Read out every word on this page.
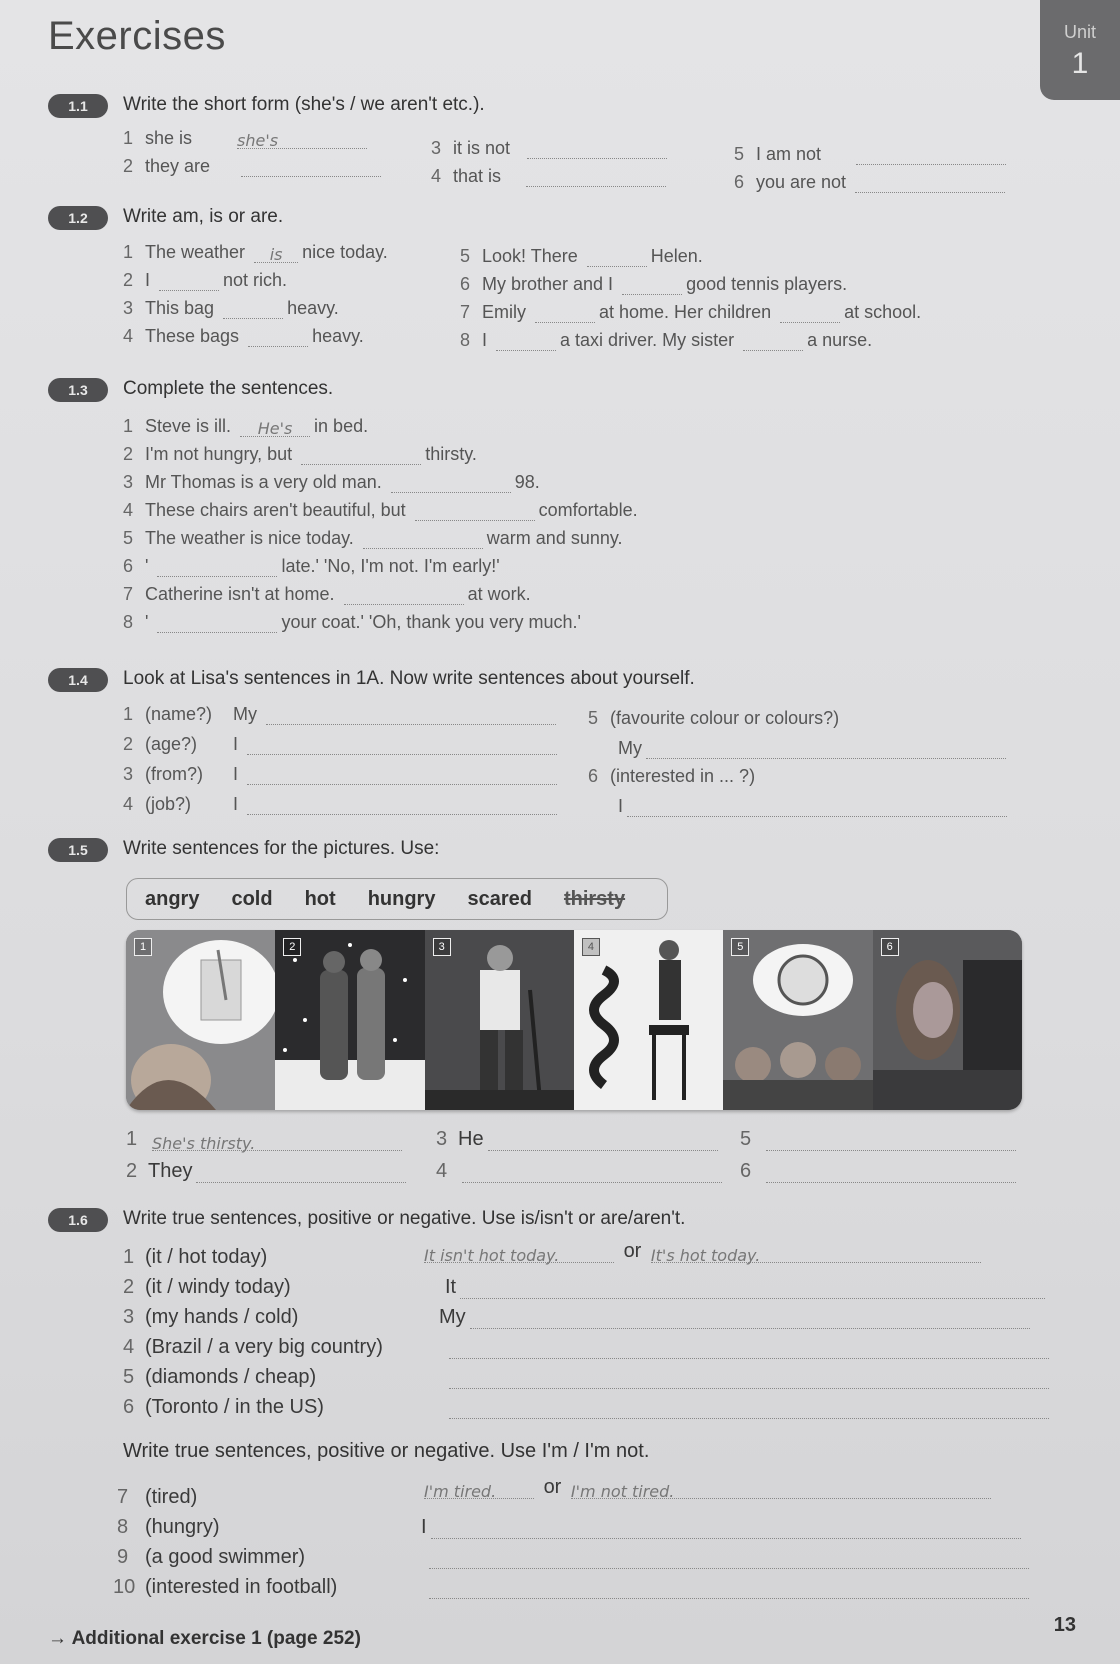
Exercises	Unit
1
1.1	Write the short form (she's / we aren't etc.).
1 she is	she's
2 they are
3 it is not
4 that is
5 I am not
6 you are not
1.2	Write am, is or are.
1 The weather is nice today.
2 I	not rich.
3 This bag	heavy.
4 These bags	heavy.
5 Look! There	Helen.
6 My brother and I	good tennis players.
7 Emily	at home. Her children	at school.
8 I	a taxi driver. My sister	a nurse.
1.3	Complete the sentences.
1 Steve is ill. He's in bed.
2 I'm not hungry, but	thirsty.
3 Mr Thomas is a very old man.	98.
4 These chairs aren't beautiful, but	comfortable.
5 The weather is nice today.	warm and sunny.
6 '	late.' 'No, I'm not. I'm early!'
7 Catherine isn't at home.	at work.
8 '	your coat.' 'Oh, thank you very much.'
1.4	Look at Lisa's sentences in 1A. Now write sentences about yourself.
1 (name?) My
2 (age?) I
3 (from?) I
4 (job?) I
5 (favourite colour or colours?)
My
6 (interested in ... ?)
I
1.5	Write sentences for the pictures. Use:
angry cold hot hungry scared thirsty
1	2	3	4	5	6
1 She's thirsty.
2 They
3 He
4
5
6
1.6	Write true sentences, positive or negative. Use is/isn't or are/aren't.
1 (it / hot today)	It isn't hot today.	or It's hot today.
2 (it / windy today)	It
3 (my hands / cold)	My
4 (Brazil / a very big country)
5 (diamonds / cheap)
6 (Toronto / in the US)
Write true sentences, positive or negative. Use I'm / I'm not.
7 (tired)	I'm tired. or I'm not tired.
8 (hungry)	I
9 (a good swimmer)
10 (interested in football)
→ Additional exercise 1 (page 252)
13
